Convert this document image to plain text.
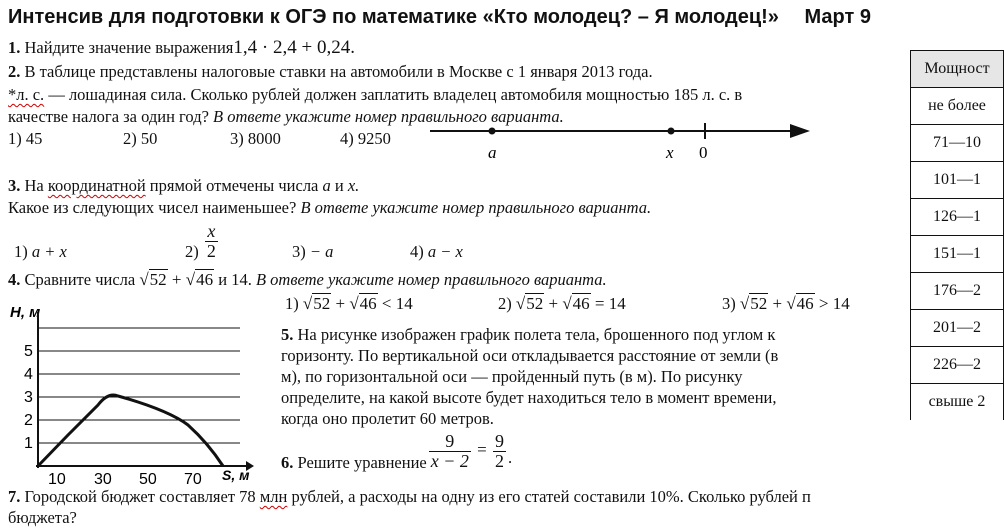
Интенсив для подготовки к ОГЭ по математике «Кто молодец? – Я молодец!» Март 9
1. Найдите значение выражения1,4 · 2,4 + 0,24.
2. В таблице представлены налоговые ставки на автомобили в Москве с 1 января 2013 года.
*л. с. — лошадиная сила. Сколько рублей должен заплатить владелец автомобиля мощностью 185 л. с. в
качестве налога за один год? В ответе укажите номер правильного варианта.
1) 45	2) 50	3) 8000	4) 9250
a	x 0
3. На координатной прямой отмечены числа a и x.
Какое из следующих чисел наименьшее? В ответе укажите номер правильного варианта.
1) a + x	$2) \frac{x}{2}$	3) − a	4) a − x
4. Сравните числа √52 + √46 и 14. В ответе укажите номер правильного варианта.
1) √52 + √46 < 14	2) √52 + √46 = 14	3) √52 + √46 > 14
H, м
1
2
3
4
5
10 30 50 70 S, м
5. На рисунке изображен график полета тела, брошенного под углом к
горизонту. По вертикальной оси откладывается расстояние от земли (в
м), по горизонтальной оси — пройденный путь (в м). По рисунку
определите, на какой высоте будет находиться тело в момент времени,
когда оно пролетит 60 метров.
6. Решите уравнение $\frac{9}{x - 2} = \frac{9}{2}$ .
7. Городской бюджет составляет 78 млн рублей, а расходы на одну из его статей составили 10%. Сколько рублей п
бюджета?
Мощност
не более
71—10
101—1
126—1
151—1
176—2
201—2
226—2
свыше 2
